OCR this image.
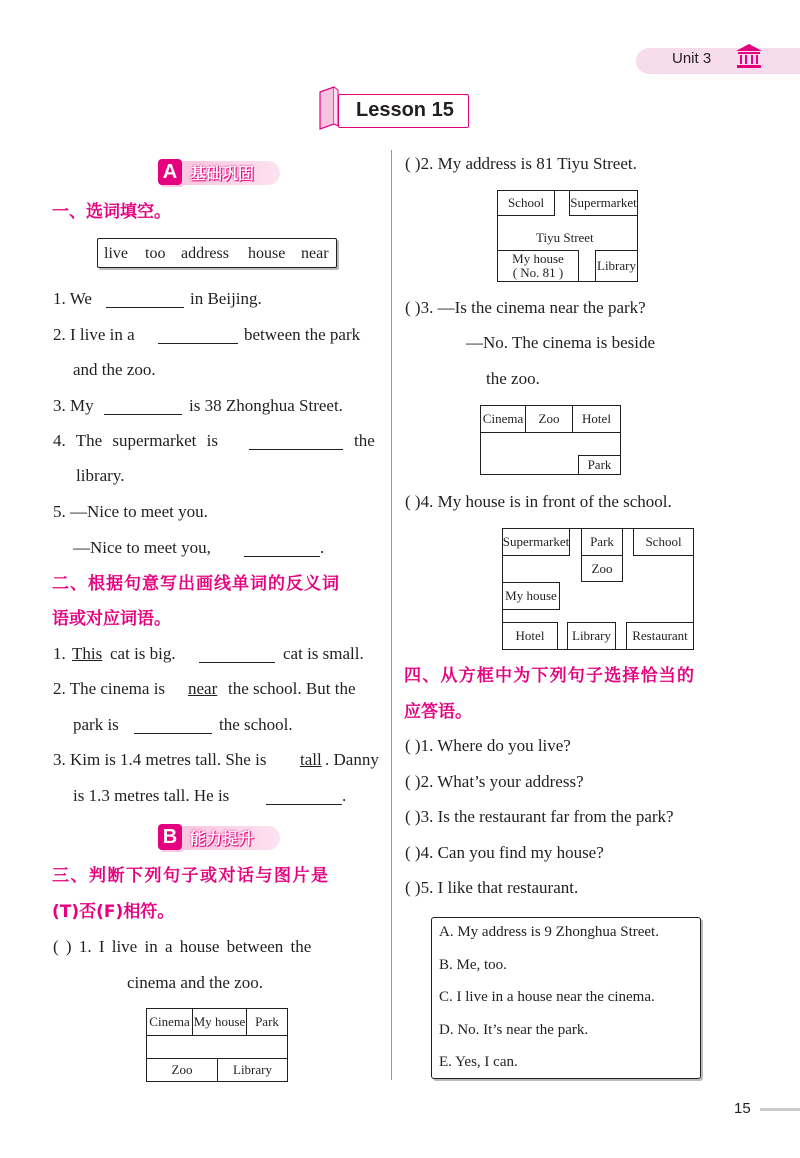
Unit 3
Lesson 15
A 基础巩固
一、选词填空。
live too address house near
1. We	in Beijing.
2. I live in a	between the park
and the zoo.
3. My	is 38 Zhonghua Street.
4. The supermarket is	the
library.
5. —Nice to meet you.
—Nice to meet you,	.
二、根据句意写出画线单词的反义词
语或对应词语。
1. This cat is big.	cat is small.
2. The cinema is near the school. But the
park is	the school.
3. Kim is 1.4 metres tall. She is tall . Danny
is 1.3 metres tall. He is	.
B 能力提升
三、判断下列句子或对话与图片是
(T)否(F)相符。
( ) 1. I live in a house between the
cinema and the zoo.
Cinema My house Park
Zoo	Library
( )2. My address is 81 Tiyu Street.
School	Supermarket
Tiyu Street
My house
( No. 81 )	Library
( )3. —Is the cinema near the park?
—No. The cinema is beside
the zoo.
Cinema	Zoo	Hotel
Park
( )4. My house is in front of the school.
Supermarket	Park	School
Zoo
My house
Hotel	Library	Restaurant
四、从方框中为下列句子选择恰当的
应答语。
( )1. Where do you live?
( )2. What’s your address?
( )3. Is the restaurant far from the park?
( )4. Can you find my house?
( )5. I like that restaurant.
A. My address is 9 Zhonghua Street.
B. Me, too.
C. I live in a house near the cinema.
D. No. It’s near the park.
E. Yes, I can.
15
